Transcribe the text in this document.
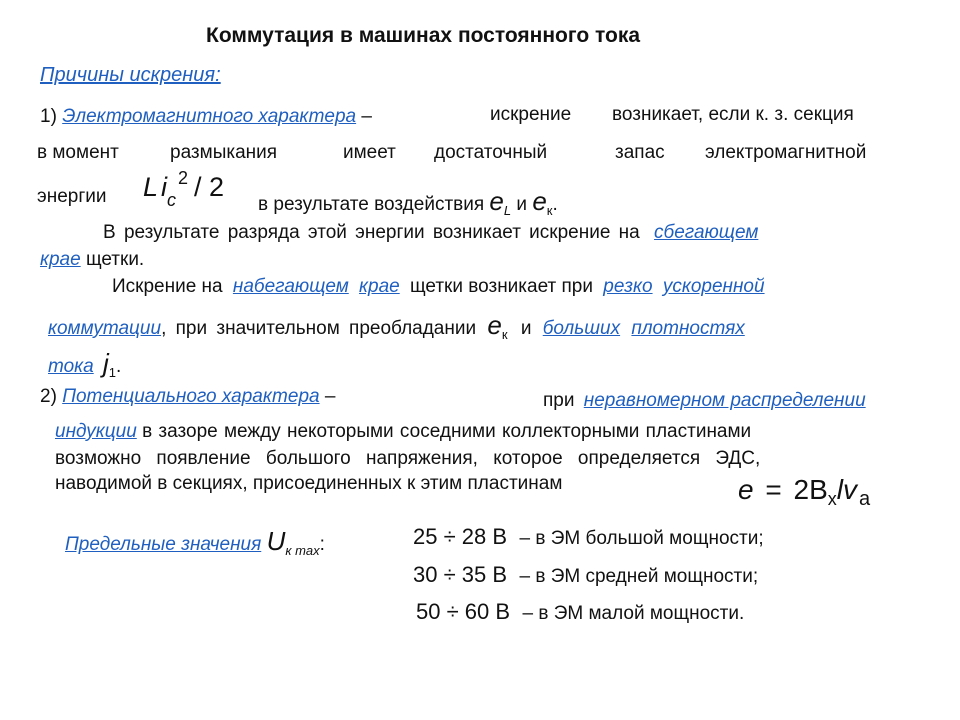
Коммутация в машинах постоянного тока
Причины искрения:
1) Электромагнитного характера –	искрение возникает, если к. з. секция
в момент	размыкания	имеет достаточный	запас электромагнитной
энергии L $i_c^2 / 2$
в результате воздействия $e_L$ и $e_к$.
В результате разряда этой энергии возникает искрение на сбегающем
крае щетки.
Искрение на набегающем крае щетки возникает при резко ускоренной
коммутации, при значительном преобладании $e_к$ и больших плотностях
тока $j_1$.
2) Потенциального характера –	при неравномерном распределении
индукции в зазоре между некоторыми соседними коллекторными пластинами
возможно появление большого напряжения, которое определяется ЭДС,
наводимой в секциях, присоединенных к этим пластинам	$e = 2B_xlv$ $_a$
Предельные значения $U_{к max}$:	25 ÷ 28 В – в ЭМ большой мощности;
30 ÷ 35 В – в ЭМ средней мощности;
50 ÷ 60 В – в ЭМ малой мощности.
